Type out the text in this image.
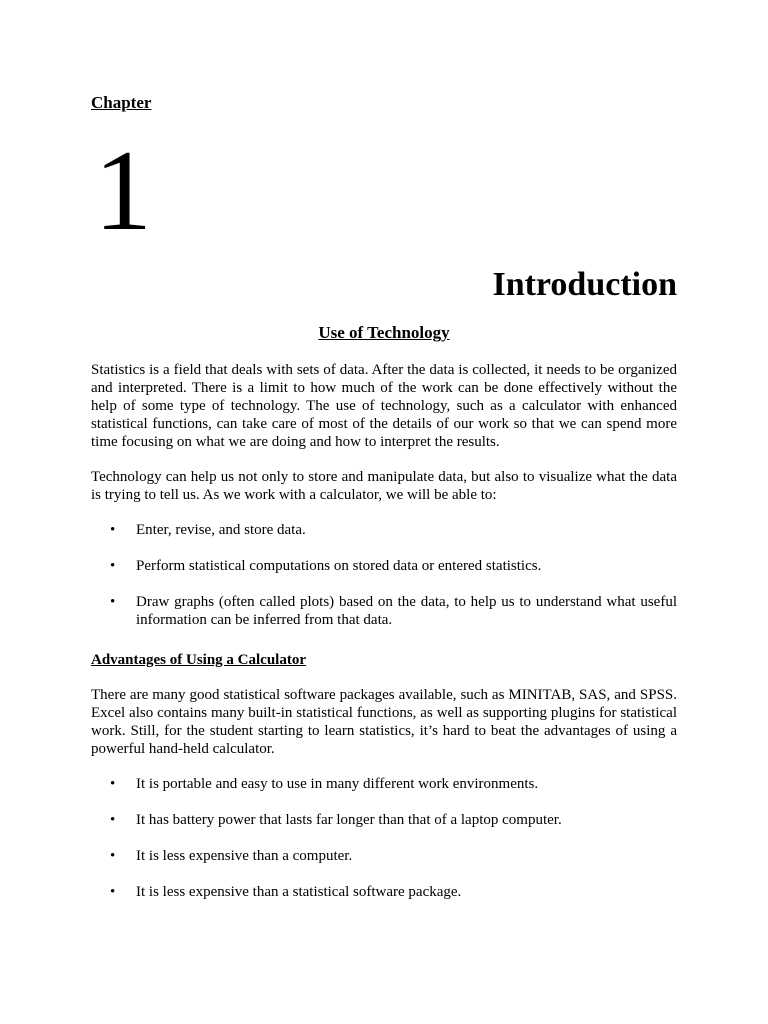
Chapter
1
Introduction
Use of Technology

Statistics is a field that deals with sets of data. After the data is collected, it needs to be organized and interpreted. There is a limit to how much of the work can be done effectively without the help of some type of technology. The use of technology, such as a calculator with enhanced statistical functions, can take care of most of the details of our work so that we can spend more time focusing on what we are doing and how to interpret the results.

Technology can help us not only to store and manipulate data, but also to visualize what the data is trying to tell us. As we work with a calculator, we will be able to:

• Enter, revise, and store data.
• Perform statistical computations on stored data or entered statistics.
• Draw graphs (often called plots) based on the data, to help us to understand what useful information can be inferred from that data.
Advantages of Using a Calculator

There are many good statistical software packages available, such as MINITAB, SAS, and SPSS. Excel also contains many built-in statistical functions, as well as supporting plugins for statistical work. Still, for the student starting to learn statistics, it’s hard to beat the advantages of using a powerful hand-held calculator.

• It is portable and easy to use in many different work environments.
• It has battery power that lasts far longer than that of a laptop computer.
• It is less expensive than a computer.
• It is less expensive than a statistical software package.
